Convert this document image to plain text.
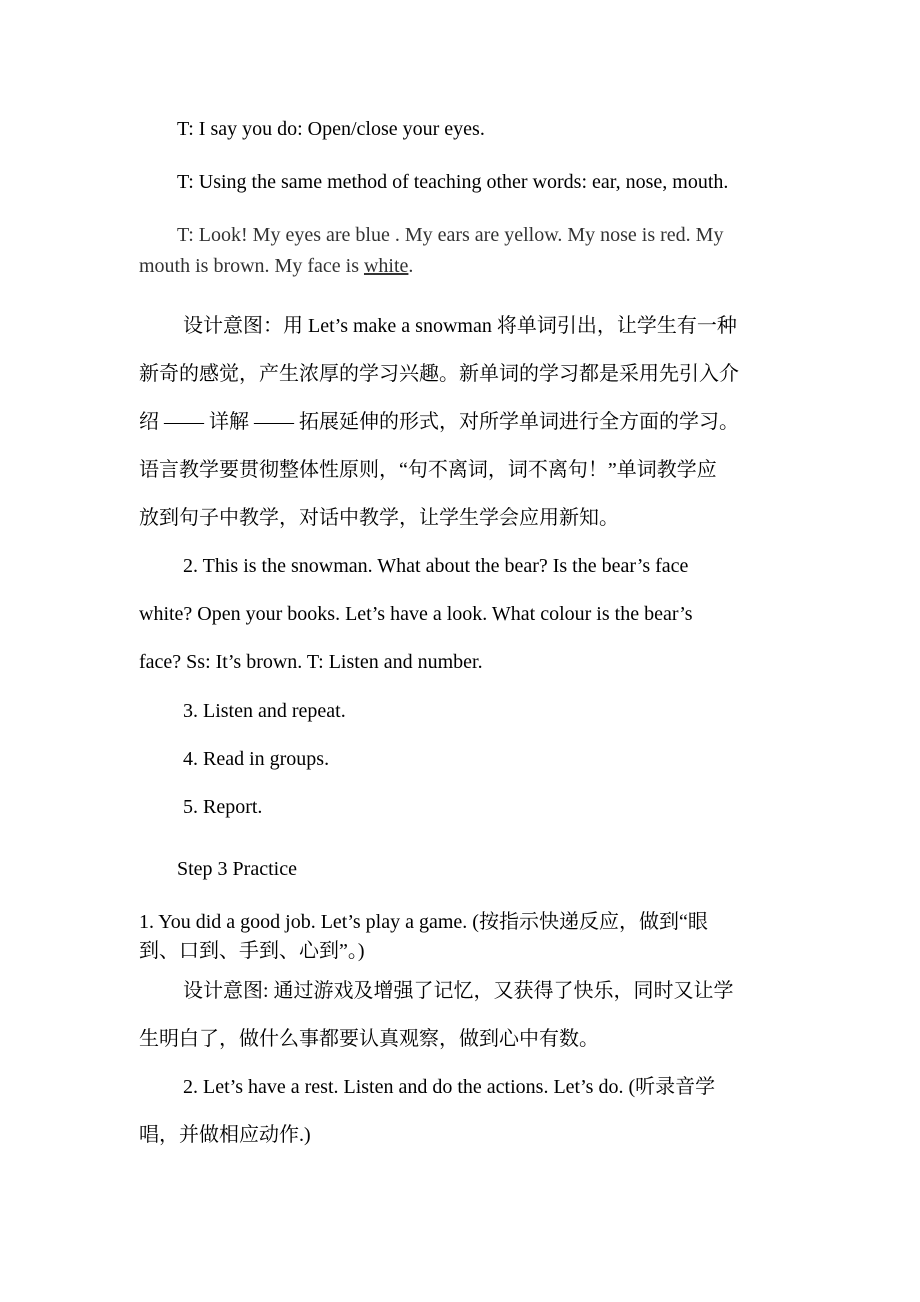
T: I say you do: Open/close your eyes.
T: Using the same method of teaching other words: ear, nose, mouth.
T: Look! My eyes are blue . My ears are yellow. My nose is red. My
mouth is brown. My face is white.
设计意图：用 Let’s make a snowman 将单词引出，让学生有一种
新奇的感觉，产生浓厚的学习兴趣。新单词的学习都是采用先引入介
绍 —— 详解 —— 拓展延伸的形式，对所学单词进行全方面的学习。
语言教学要贯彻整体性原则，“句不离词，词不离句！”单词教学应
放到句子中教学，对话中教学，让学生学会应用新知。
2. This is the snowman. What about the bear? Is the bear’s face
white? Open your books. Let’s have a look. What colour is the bear’s
face? Ss: It’s brown. T: Listen and number.
3. Listen and repeat.
4. Read in groups.
5. Report.
Step 3 Practice
1. You did a good job. Let’s play a game. (按指示快递反应，做到“眼
到、口到、手到、心到”。)
设计意图: 通过游戏及增强了记忆，又获得了快乐，同时又让学
生明白了，做什么事都要认真观察，做到心中有数。
2. Let’s have a rest. Listen and do the actions. Let’s do. (听录音学
唱，并做相应动作.)
